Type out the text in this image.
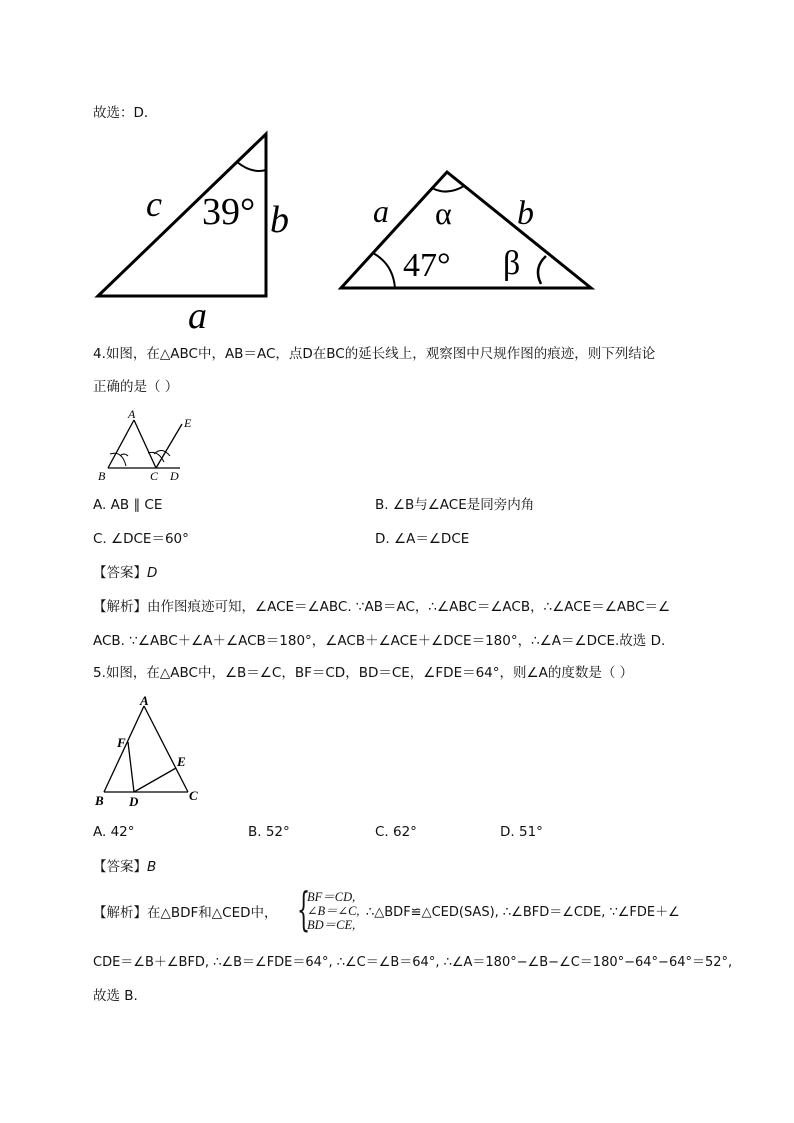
故选：D．
c 39° b
a
a α b
47° β
4.如图，在△ABC中，AB＝AC，点D在BC的延长线上，观察图中尺规作图的痕迹，则下列结论
正确的是（ ）
A
E
B	C D
A. AB ∥ CE	B. ∠B与∠ACE是同旁内角
C. ∠DCE＝60°	D. ∠A＝∠DCE
【答案】D
【解析】由作图痕迹可知，∠ACE＝∠ABC. ∵AB＝AC，∴∠ABC＝∠ACB，∴∠ACE＝∠ABC＝∠
ACB. ∵∠ABC＋∠A＋∠ACB＝180°，∠ACB＋∠ACE＋∠DCE＝180°，∴∠A＝∠DCE.故选 D.
5.如图，在△ABC中，∠B＝∠C，BF＝CD，BD＝CE，∠FDE＝64°，则∠A的度数是（ ）
A
F
E
B D	C
A. 42°	B. 52°	C. 62°	D. 51°
【答案】B
【解析】在△BDF和△CED中， {
BF＝CD,
∠B＝∠C,
BD＝CE,
∴△BDF≌△CED(SAS), ∴∠BFD＝∠CDE, ∵∠FDE＋∠
CDE＝∠B＋∠BFD, ∴∠B＝∠FDE＝64°, ∴∠C＝∠B＝64°, ∴∠A＝180°−∠B−∠C＝180°−64°−64°＝52°,
故选 B.
